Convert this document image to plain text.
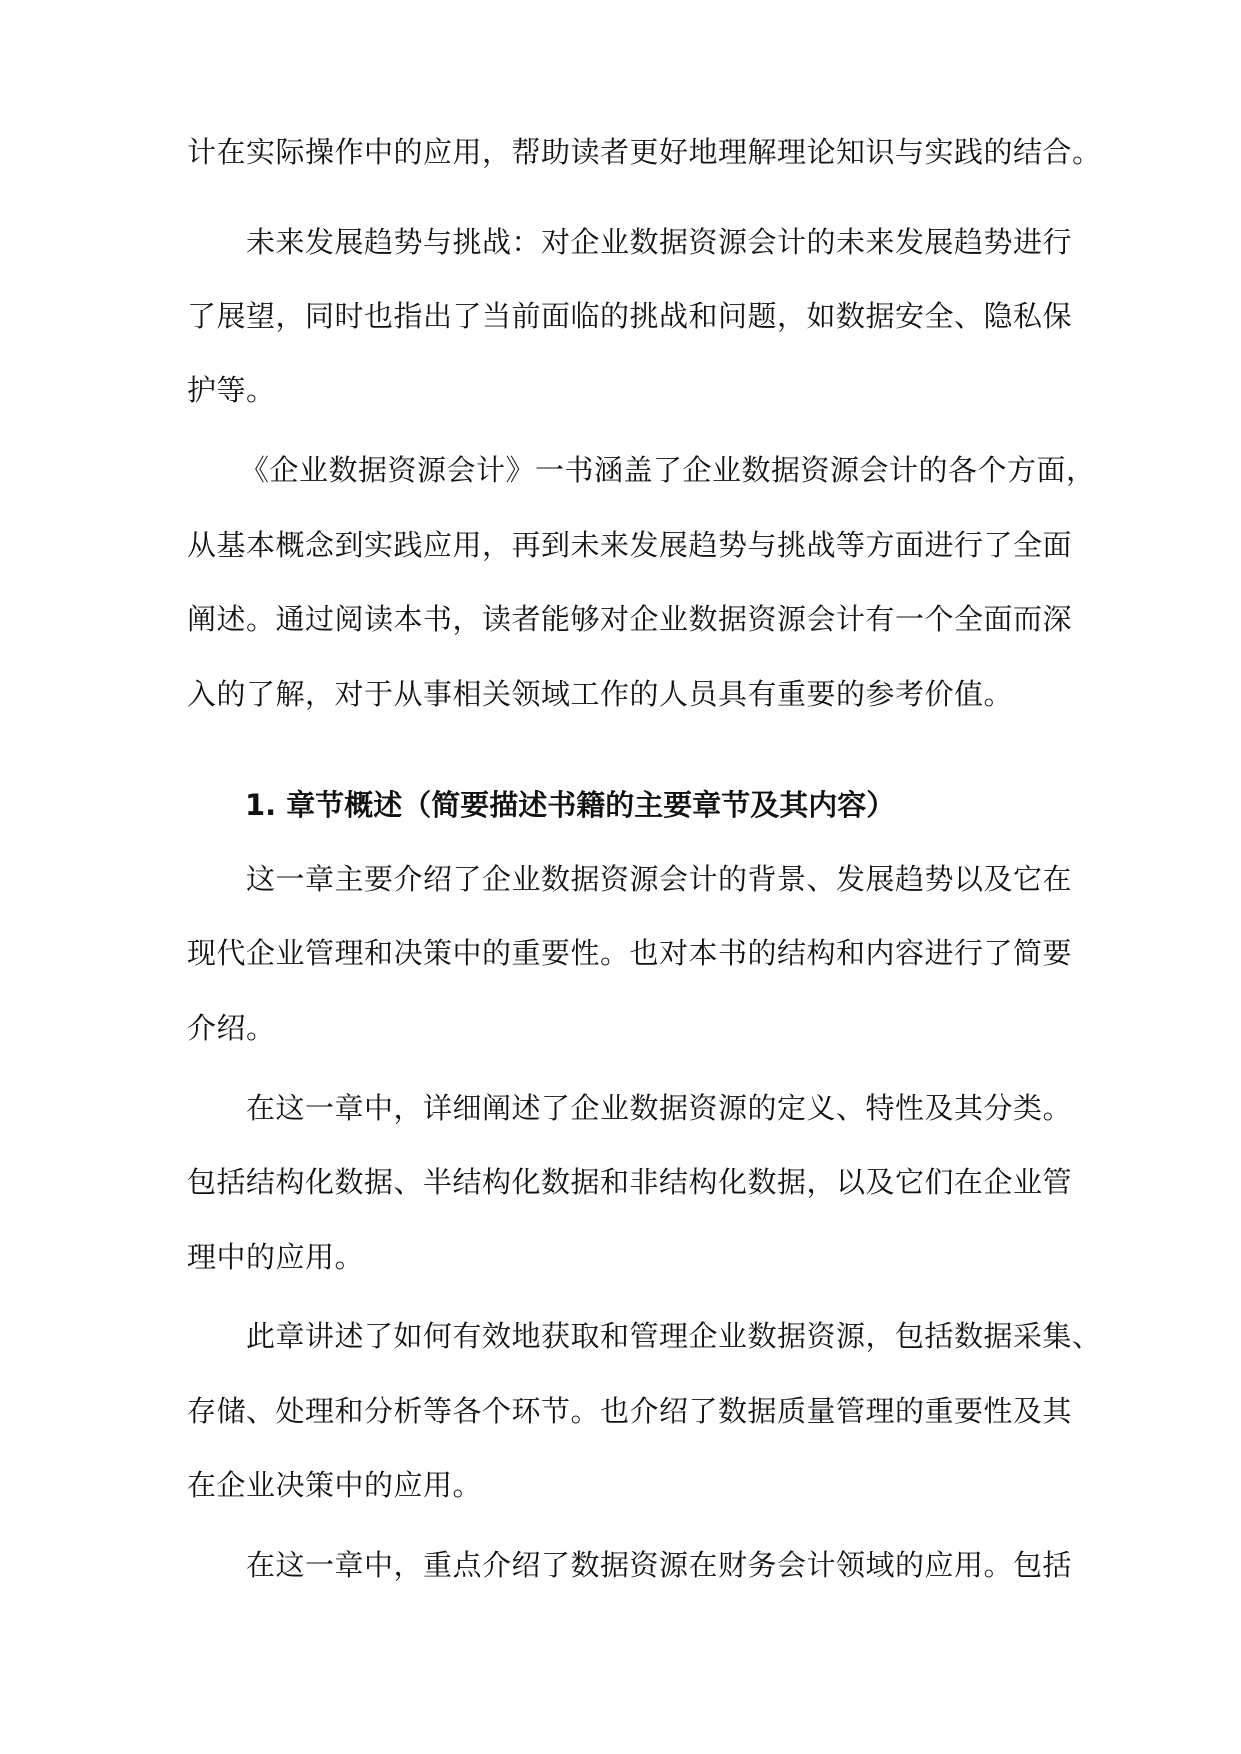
计在实际操作中的应用，帮助读者更好地理解理论知识与实践的结合。
未来发展趋势与挑战：对企业数据资源会计的未来发展趋势进行
了展望，同时也指出了当前面临的挑战和问题，如数据安全、隐私保
护等。
《企业数据资源会计》一书涵盖了企业数据资源会计的各个方面，
从基本概念到实践应用，再到未来发展趋势与挑战等方面进行了全面
阐述。通过阅读本书，读者能够对企业数据资源会计有一个全面而深
入的了解，对于从事相关领域工作的人员具有重要的参考价值。
1. 章节概述（简要描述书籍的主要章节及其内容）
这一章主要介绍了企业数据资源会计的背景、发展趋势以及它在
现代企业管理和决策中的重要性。也对本书的结构和内容进行了简要
介绍。
在这一章中，详细阐述了企业数据资源的定义、特性及其分类。
包括结构化数据、半结构化数据和非结构化数据，以及它们在企业管
理中的应用。
此章讲述了如何有效地获取和管理企业数据资源，包括数据采集、
存储、处理和分析等各个环节。也介绍了数据质量管理的重要性及其
在企业决策中的应用。
在这一章中，重点介绍了数据资源在财务会计领域的应用。包括
